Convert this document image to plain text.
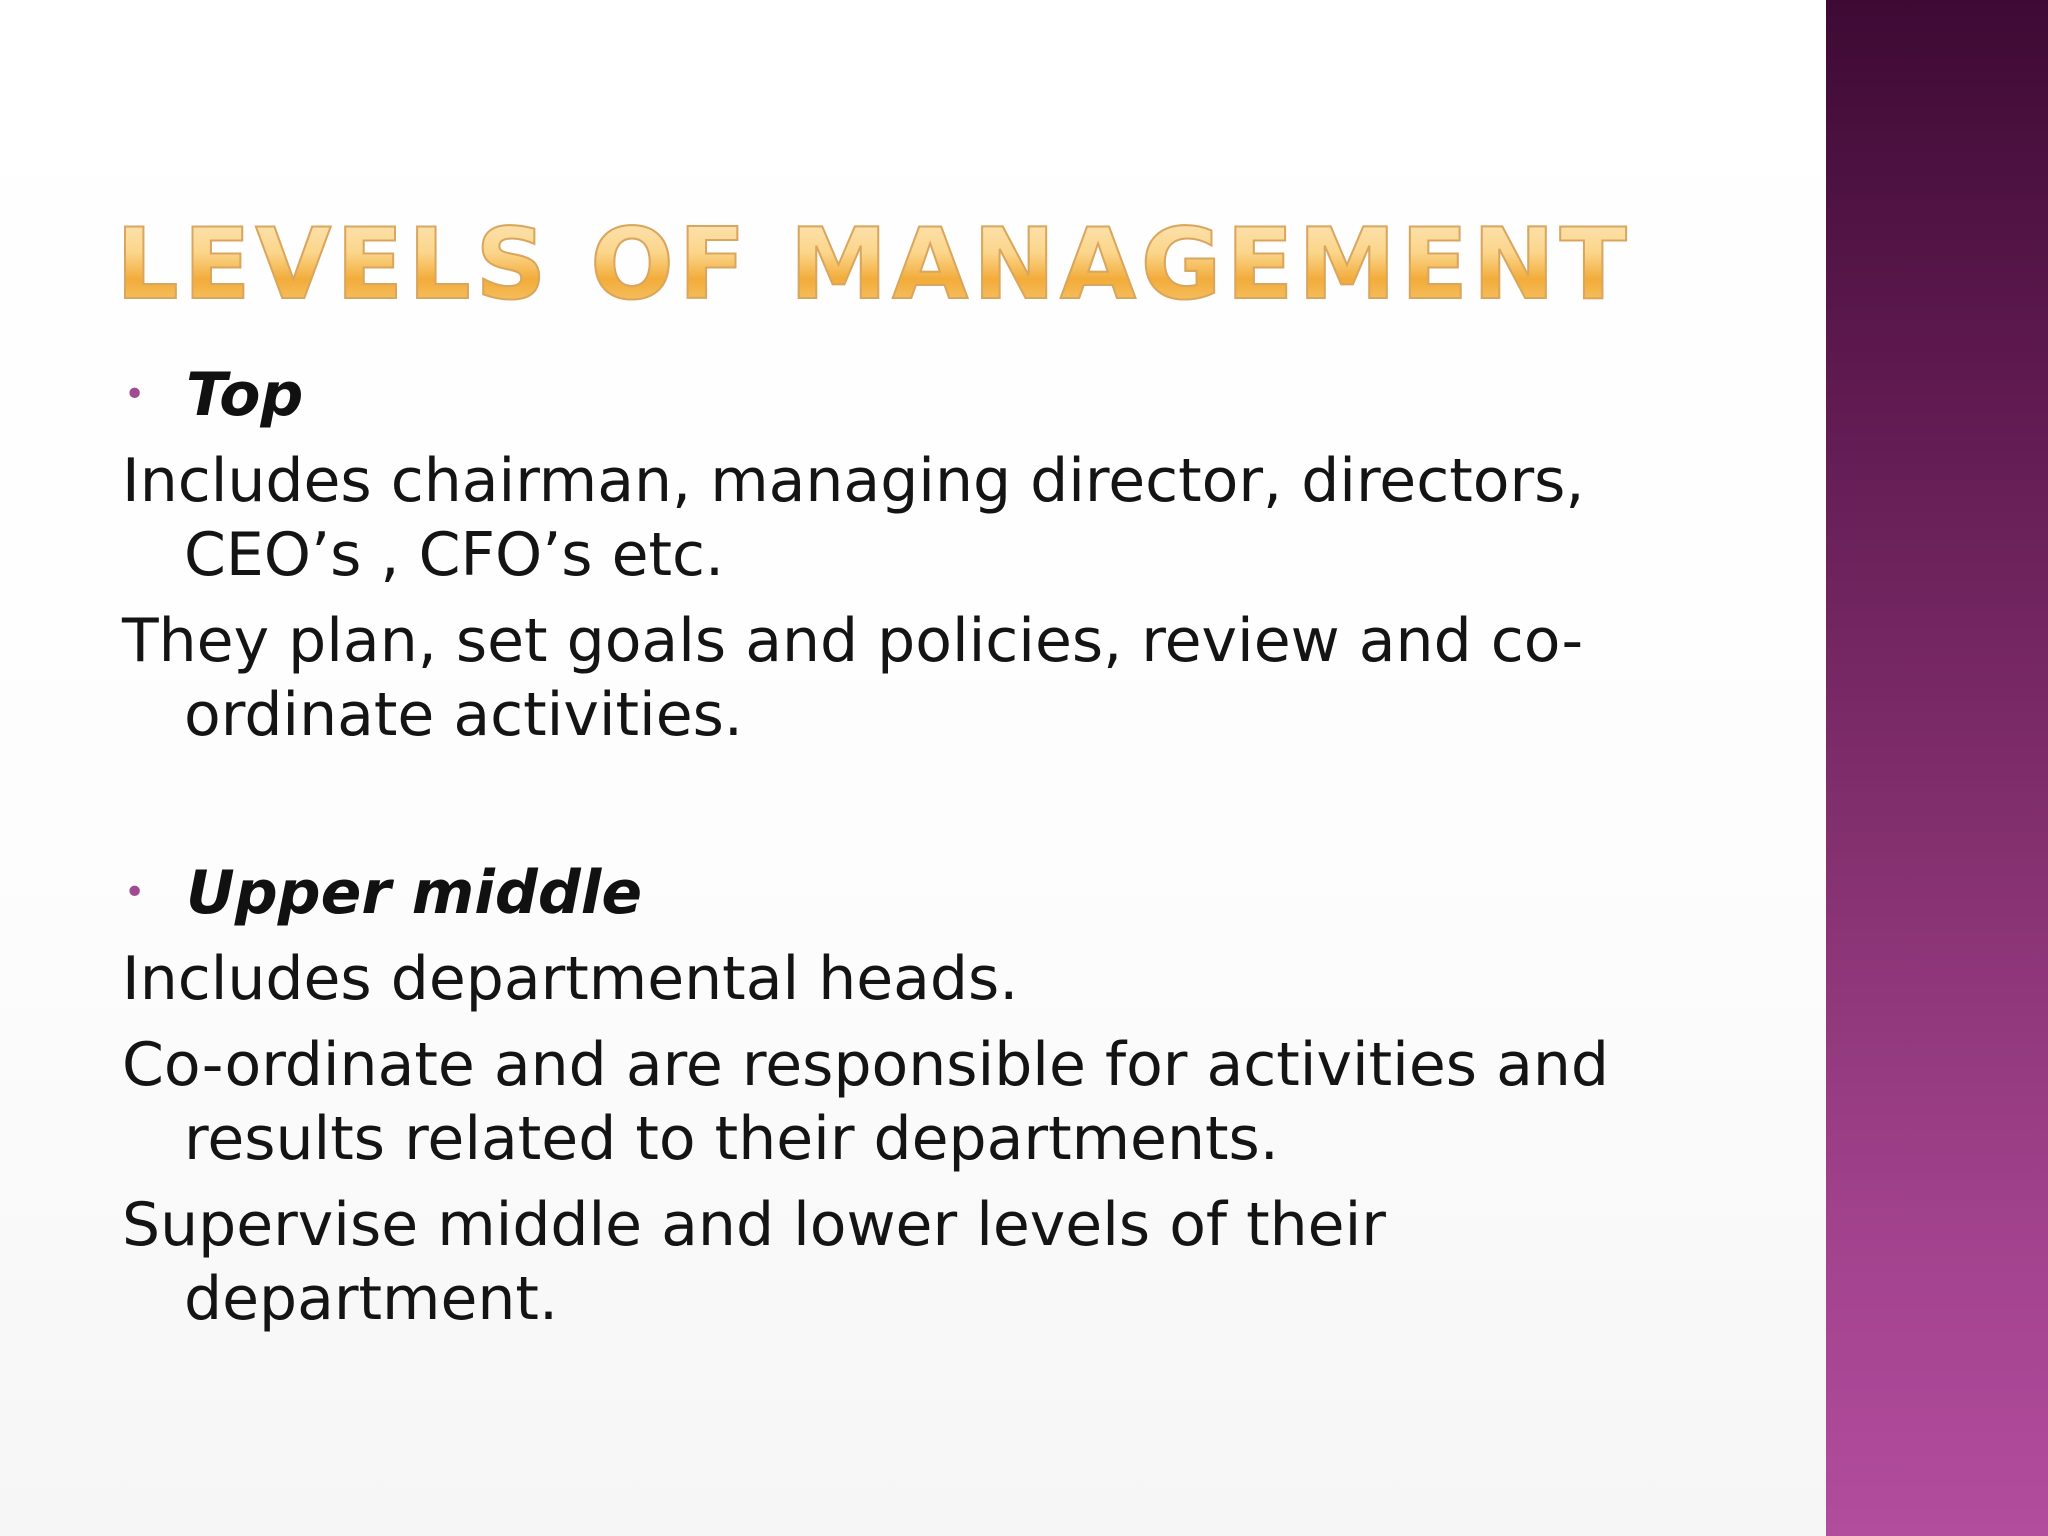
LEVELS OF MANAGEMENT
• Top

Includes chairman, managing director, directors, CEO’s , CFO’s etc.

They plan, set goals and policies, review and co-ordinate activities.

• Upper middle

Includes departmental heads.

Co-ordinate and are responsible for activities and results related to their departments.

Supervise middle and lower levels of their department.
